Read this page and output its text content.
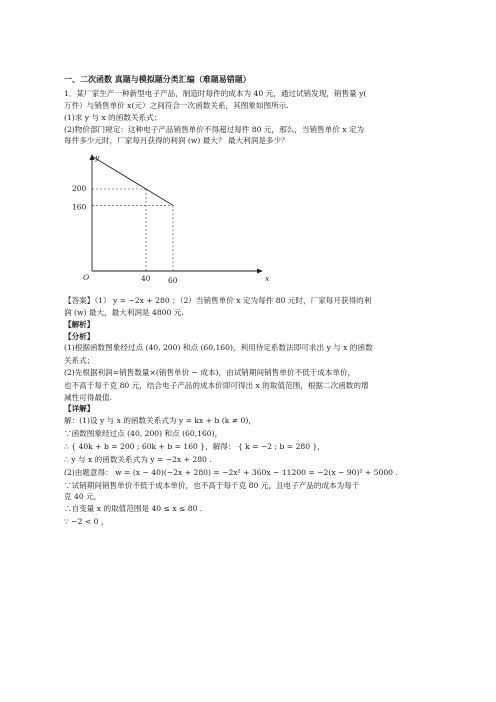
一、二次函数 真题与模拟题分类汇编（难题易错题）
1．某厂家生产一种新型电子产品，制造时每件的成本为 40 元，通过试销发现，销售量 y(
万件）与销售单价 x(元）之间符合一次函数关系，其图象如图所示.
(1)求 y 与 x 的函数关系式；
(2)物价部门规定：这种电子产品销售单价不得超过每件 80 元，那么，当销售单价 x 定为
每件多少元时，厂家每月获得的利润 (w) 最大？ 最大利润是多少？
40 60
200
160
O	x
y
【答案】（1） y = −2x + 280 ；（2）当销售单价 x 定为每件 80 元时，厂家每月获得的利
润 (w) 最大，最大利润是 4800 元.
【解析】
【分析】
(1)根据函数图象经过点 (40, 200) 和点 (60,160)，利用待定系数法即可求出 y 与 x 的函数
关系式；
(2)先根据利润=销售数量×(销售单价 − 成本)，由试销期间销售单价不低于成本单价，
也不高于每千克 80 元，结合电子产品的成本价即可得出 x 的取值范围，根据二次函数的增
减性可得最值.
【详解】
解：(1)设 y 与 x 的函数关系式为 y = kx + b (k ≠ 0)，
∵函数图象经过点 (40, 200) 和点 (60,160)，
∴ { 40k + b = 200 ; 60k + b = 160 }，解得： { k = −2 ; b = 280 }，
∴ y 与 x 的函数关系式为 y = −2x + 280 .
(2)由题意得： w = (x − 40)(−2x + 280) = −2x² + 360x − 11200 = −2(x − 90)² + 5000 .
∵试销期间销售单价不低于成本单价，也不高于每千克 80 元，且电子产品的成本为每千
克 40 元，
∴自变量 x 的取值范围是 40 ≤ x ≤ 80 .
∵ −2 < 0 ，
